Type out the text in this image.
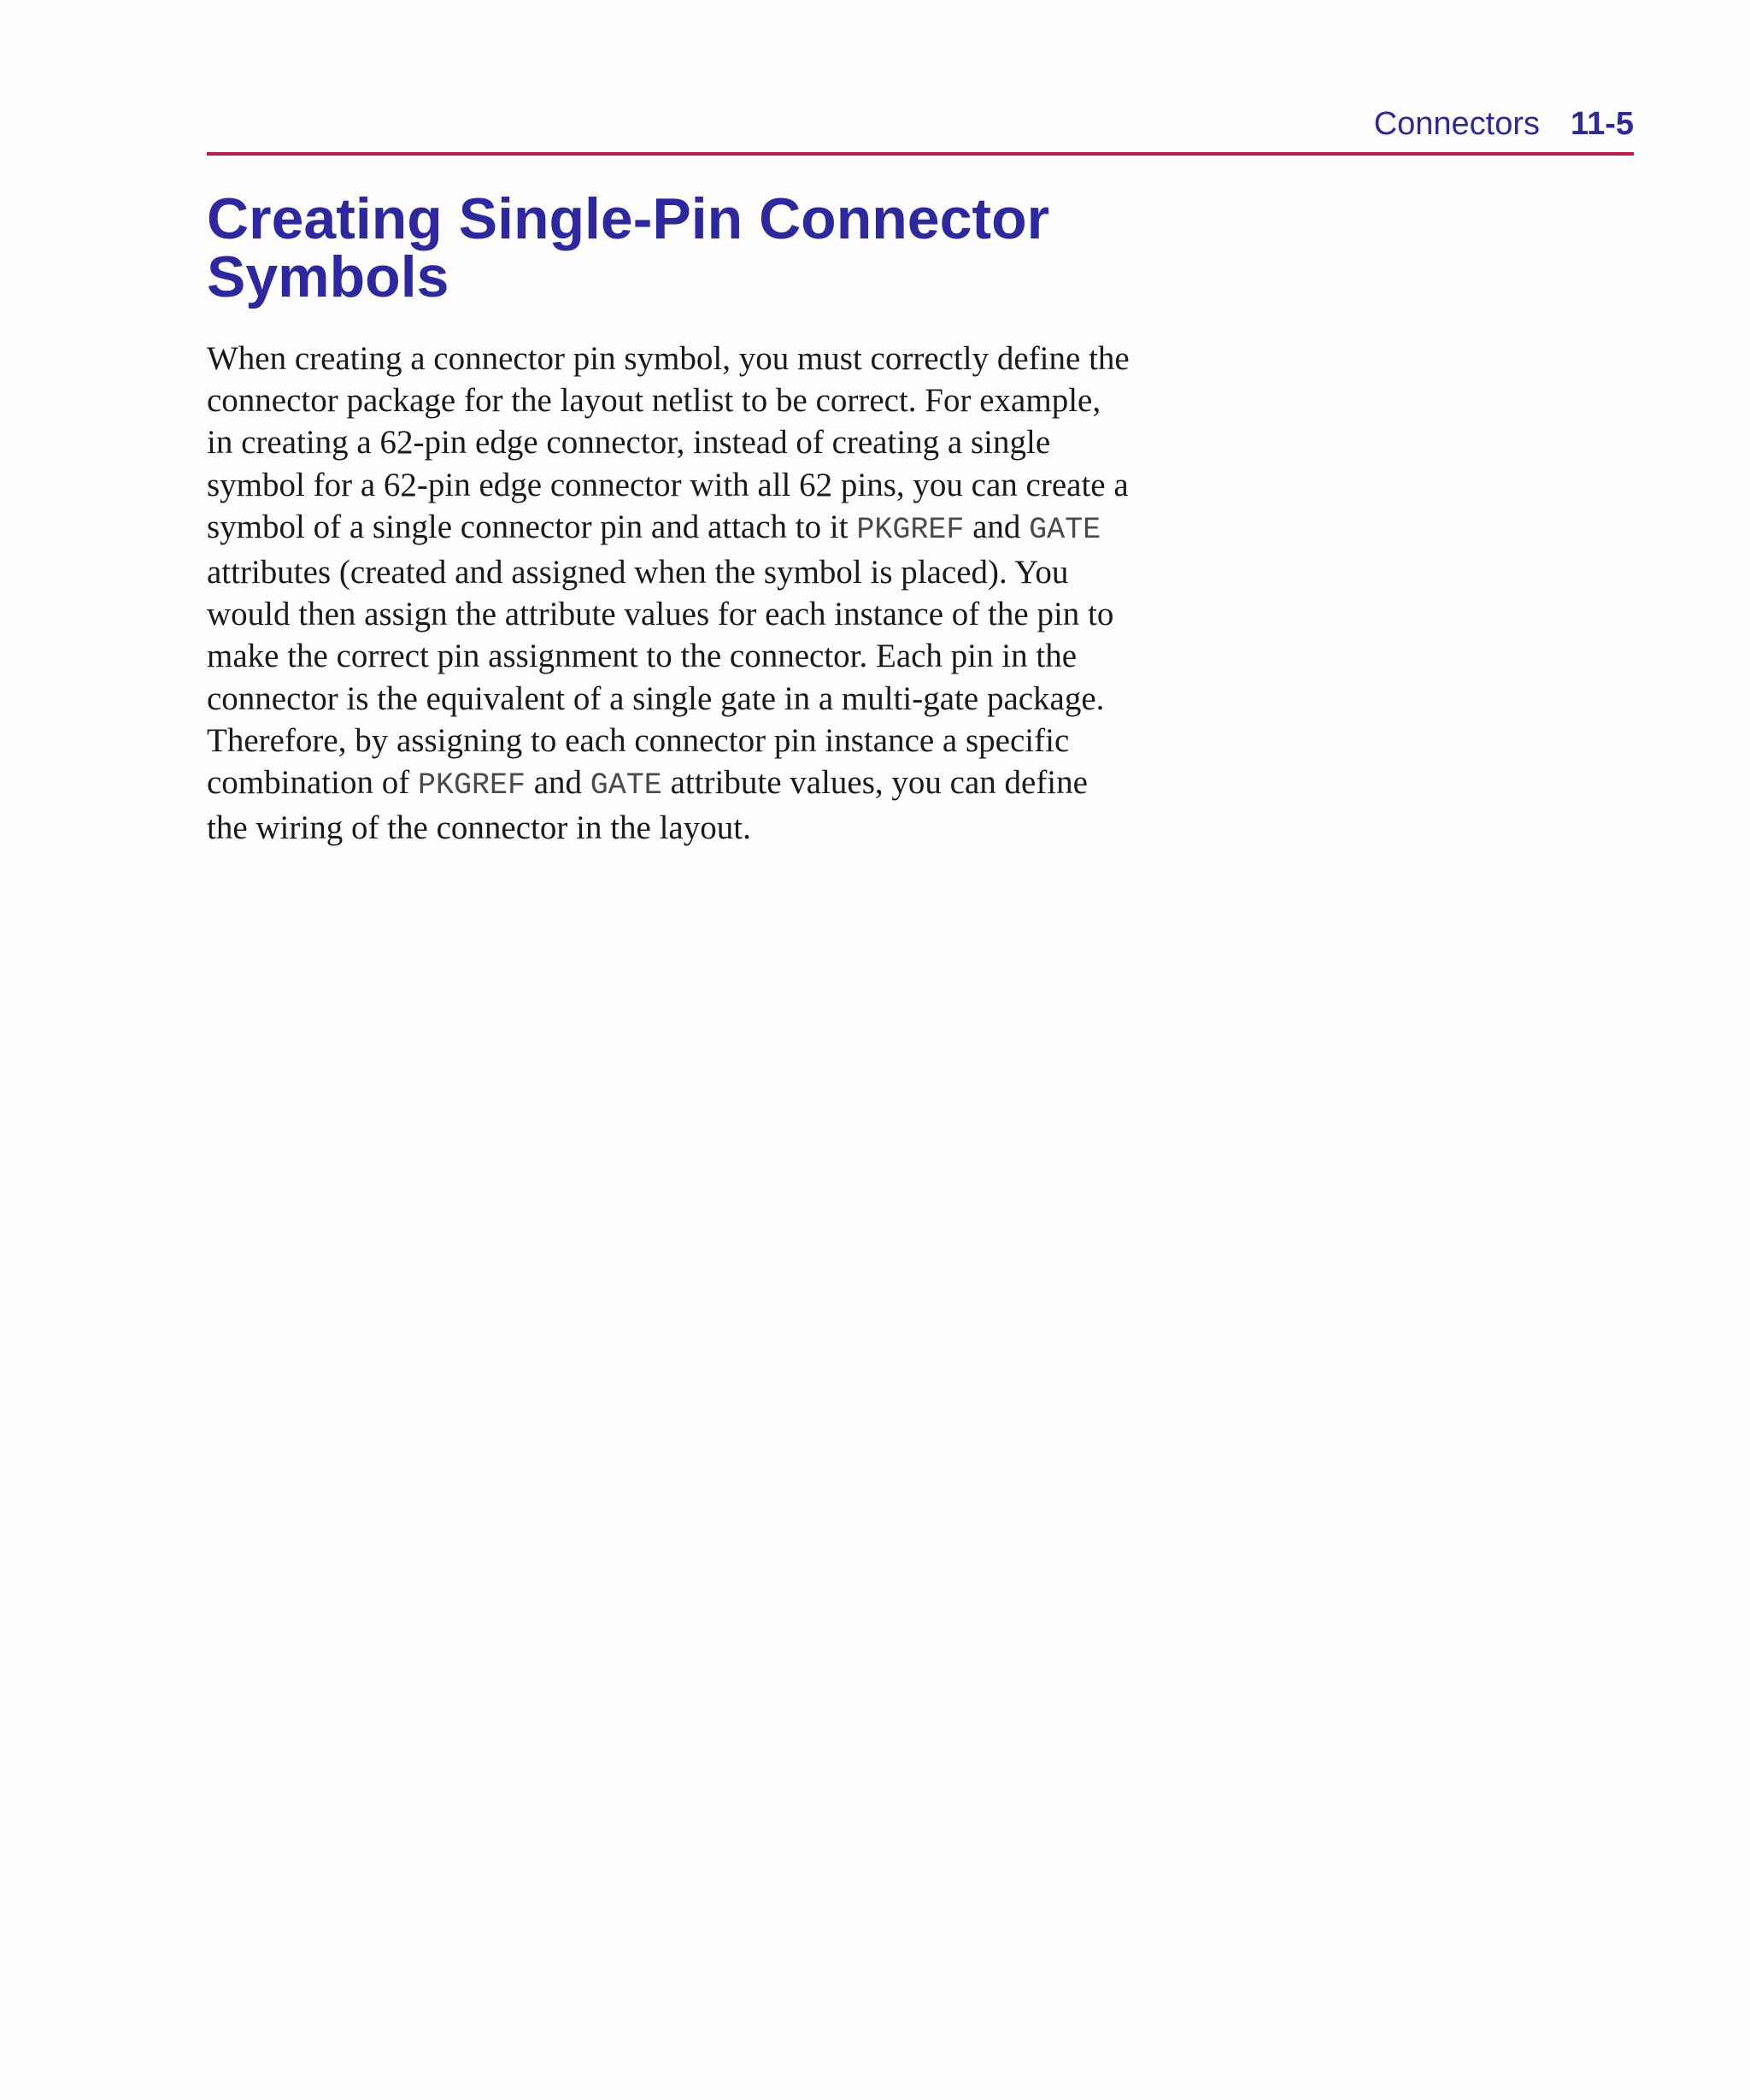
Connectors 11-5
Creating Single-Pin Connector
Symbols

When creating a connector pin symbol, you must correctly define the connector package for the layout netlist to be correct. For example, in creating a 62-pin edge connector, instead of creating a single symbol for a 62-pin edge connector with all 62 pins, you can create a symbol of a single connector pin and attach to it PKGREF and GATE attributes (created and assigned when the symbol is placed). You would then assign the attribute values for each instance of the pin to make the correct pin assignment to the connector. Each pin in the connector is the equivalent of a single gate in a multi-gate package. Therefore, by assigning to each connector pin instance a specific combination of PKGREF and GATE attribute values, you can define the wiring of the connector in the layout.
